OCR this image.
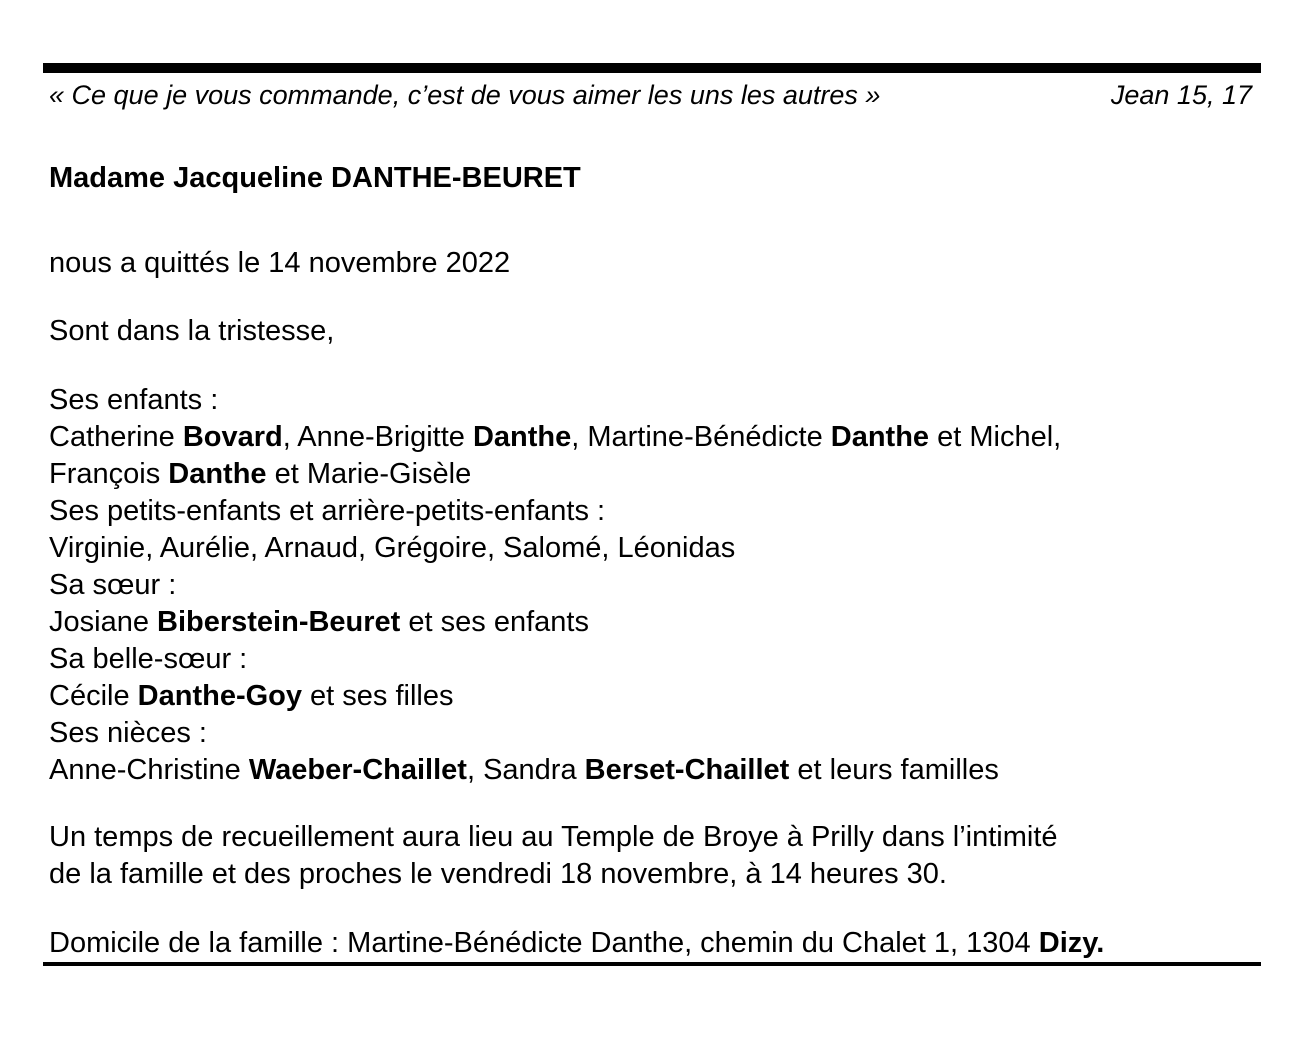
« Ce que je vous commande, c’est de vous aimer les uns les autres »	Jean 15, 17
Madame Jacqueline DANTHE-BEURET
nous a quittés le 14 novembre 2022
Sont dans la tristesse,
Ses enfants :
Catherine Bovard, Anne-Brigitte Danthe, Martine-Bénédicte Danthe et Michel,
François Danthe et Marie-Gisèle
Ses petits-enfants et arrière-petits-enfants :
Virginie, Aurélie, Arnaud, Grégoire, Salomé, Léonidas
Sa sœur :
Josiane Biberstein-Beuret et ses enfants
Sa belle-sœur :
Cécile Danthe-Goy et ses filles
Ses nièces :
Anne-Christine Waeber-Chaillet, Sandra Berset-Chaillet et leurs familles
Un temps de recueillement aura lieu au Temple de Broye à Prilly dans l’intimité
de la famille et des proches le vendredi 18 novembre, à 14 heures 30.
Domicile de la famille : Martine-Bénédicte Danthe, chemin du Chalet 1, 1304 Dizy.
